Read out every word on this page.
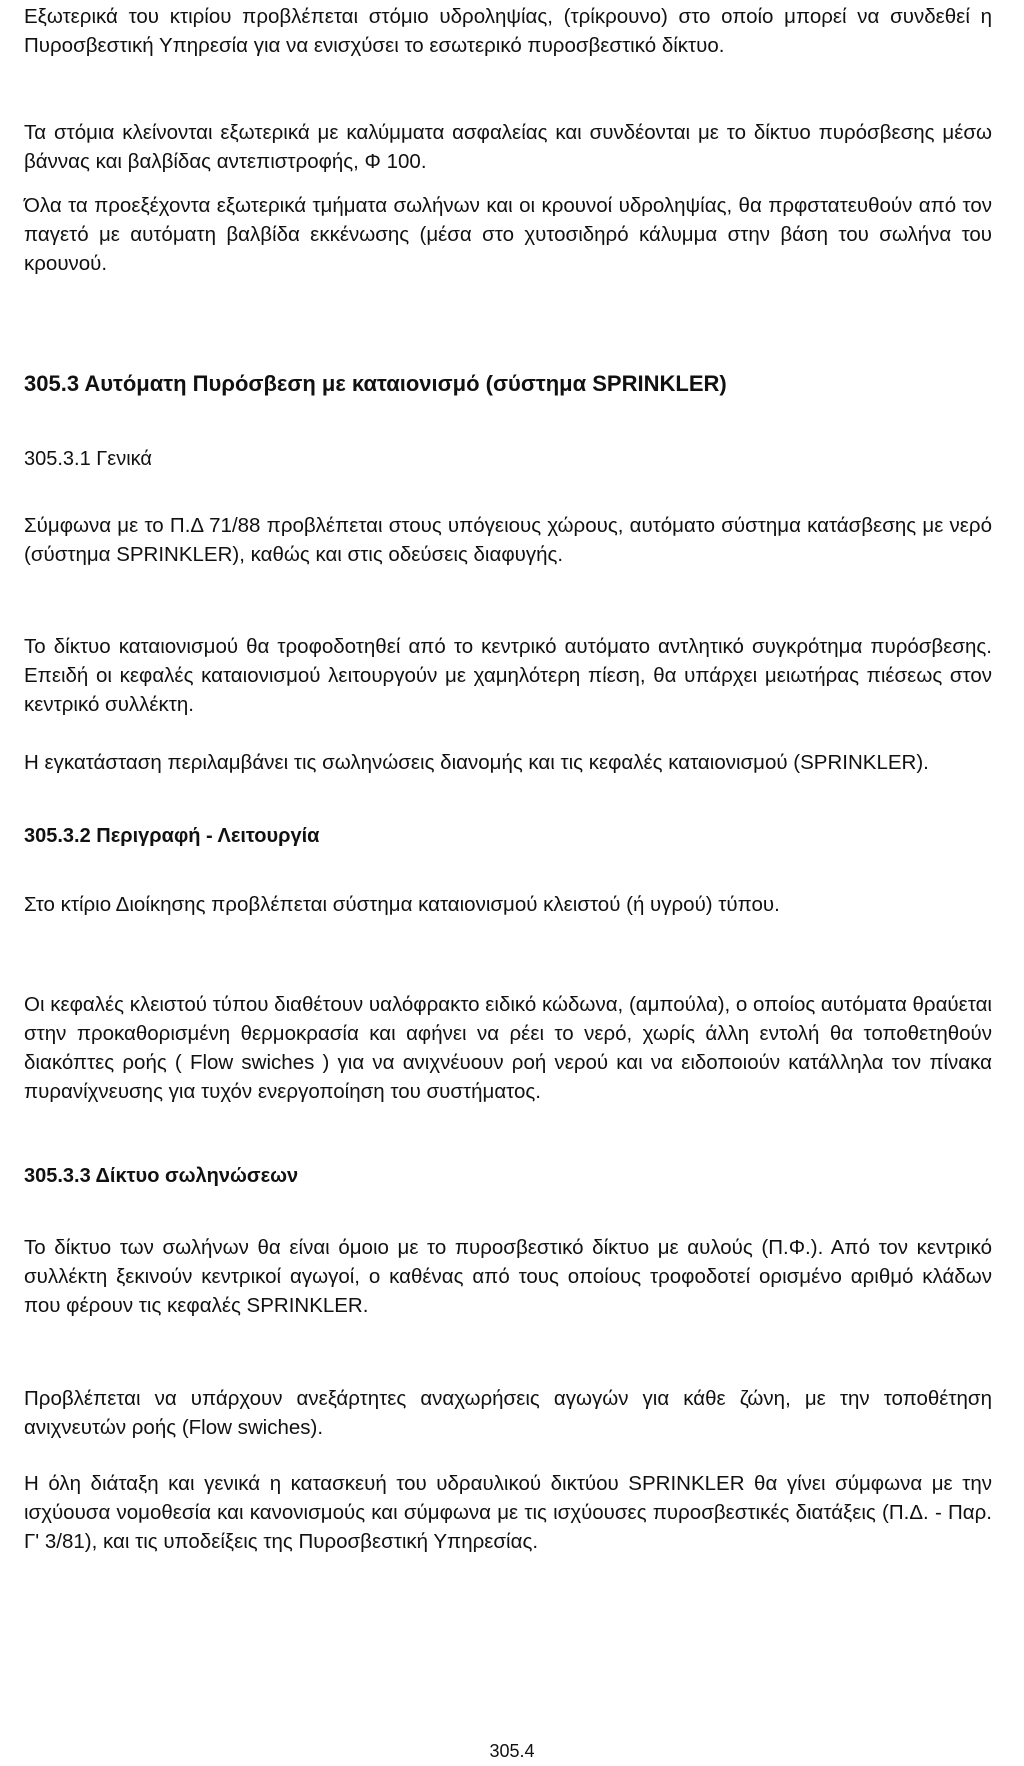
Εξωτερικά του κτιρίου προβλέπεται στόμιο υδροληψίας, (τρίκρουνο) στο οποίο μπορεί να συνδεθεί η Πυροσβεστική Υπηρεσία για να ενισχύσει το εσωτερικό πυροσβεστικό δίκτυο.

Τα στόμια κλείνονται εξωτερικά με καλύμματα ασφαλείας και συνδέονται με το δίκτυο πυρόσβεσης μέσω βάννας και βαλβίδας αντεπιστροφής, Φ 100.

Όλα τα προεξέχοντα εξωτερικά τμήματα σωλήνων και οι κρουνοί υδροληψίας, θα πρφστατευθούν από τον παγετό με αυτόματη βαλβίδα εκκένωσης (μέσα στο χυτοσιδηρό κάλυμμα στην βάση του σωλήνα του κρουνού.

305.3 Αυτόματη Πυρόσβεση με καταιονισμό (σύστημα SPRINKLER)
305.3.1 Γενικά

Σύμφωνα με το Π.Δ 71/88 προβλέπεται στους υπόγειους χώρους, αυτόματο σύστημα κατάσβεσης με νερό (σύστημα SPRINKLER), καθώς και στις οδεύσεις διαφυγής.

Το δίκτυο καταιονισμού θα τροφοδοτηθεί από το κεντρικό αυτόματο αντλητικό συγκρότημα πυρόσβεσης. Επειδή οι κεφαλές καταιονισμού λειτουργούν με χαμηλότερη πίεση, θα υπάρχει μειωτήρας πιέσεως στον κεντρικό συλλέκτη.

Η εγκατάσταση περιλαμβάνει τις σωληνώσεις διανομής και τις κεφαλές καταιονισμού (SPRINKLER).

305.3.2 Περιγραφή - Λειτουργία

Στο κτίριο Διοίκησης προβλέπεται σύστημα καταιονισμού κλειστού (ή υγρού) τύπου.

Οι κεφαλές κλειστού τύπου διαθέτουν υαλόφρακτο ειδικό κώδωνα, (αμπούλα), ο οποίος αυτόματα θραύεται στην προκαθορισμένη θερμοκρασία και αφήνει να ρέει το νερό, χωρίς άλλη εντολή θα τοποθετηθούν διακόπτες ροής ( Flow swiches ) για να ανιχνέυουν ροή νερού και να ειδοποιούν κατάλληλα τον πίνακα πυρανίχνευσης για τυχόν ενεργοποίηση του συστήματος.

305.3.3 Δίκτυο σωληνώσεων

Το δίκτυο των σωλήνων θα είναι όμοιο με το πυροσβεστικό δίκτυο με αυλούς (Π.Φ.). Από τον κεντρικό συλλέκτη ξεκινούν κεντρικοί αγωγοί, ο καθένας από τους οποίους τροφοδοτεί ορισμένο αριθμό κλάδων που φέρουν τις κεφαλές SPRINKLER.

Προβλέπεται να υπάρχουν ανεξάρτητες αναχωρήσεις αγωγών για κάθε ζώνη, με την τοποθέτηση ανιχνευτών ροής (Flow swiches).

Η όλη διάταξη και γενικά η κατασκευή του υδραυλικού δικτύου SPRINKLER θα γίνει σύμφωνα με την ισχύουσα νομοθεσία και κανονισμούς και σύμφωνα με τις ισχύουσες πυροσβεστικές διατάξεις (Π.Δ. - Παρ. Γ' 3/81), και τις υποδείξεις της Πυροσβεστική Υπηρεσίας.

305.4
